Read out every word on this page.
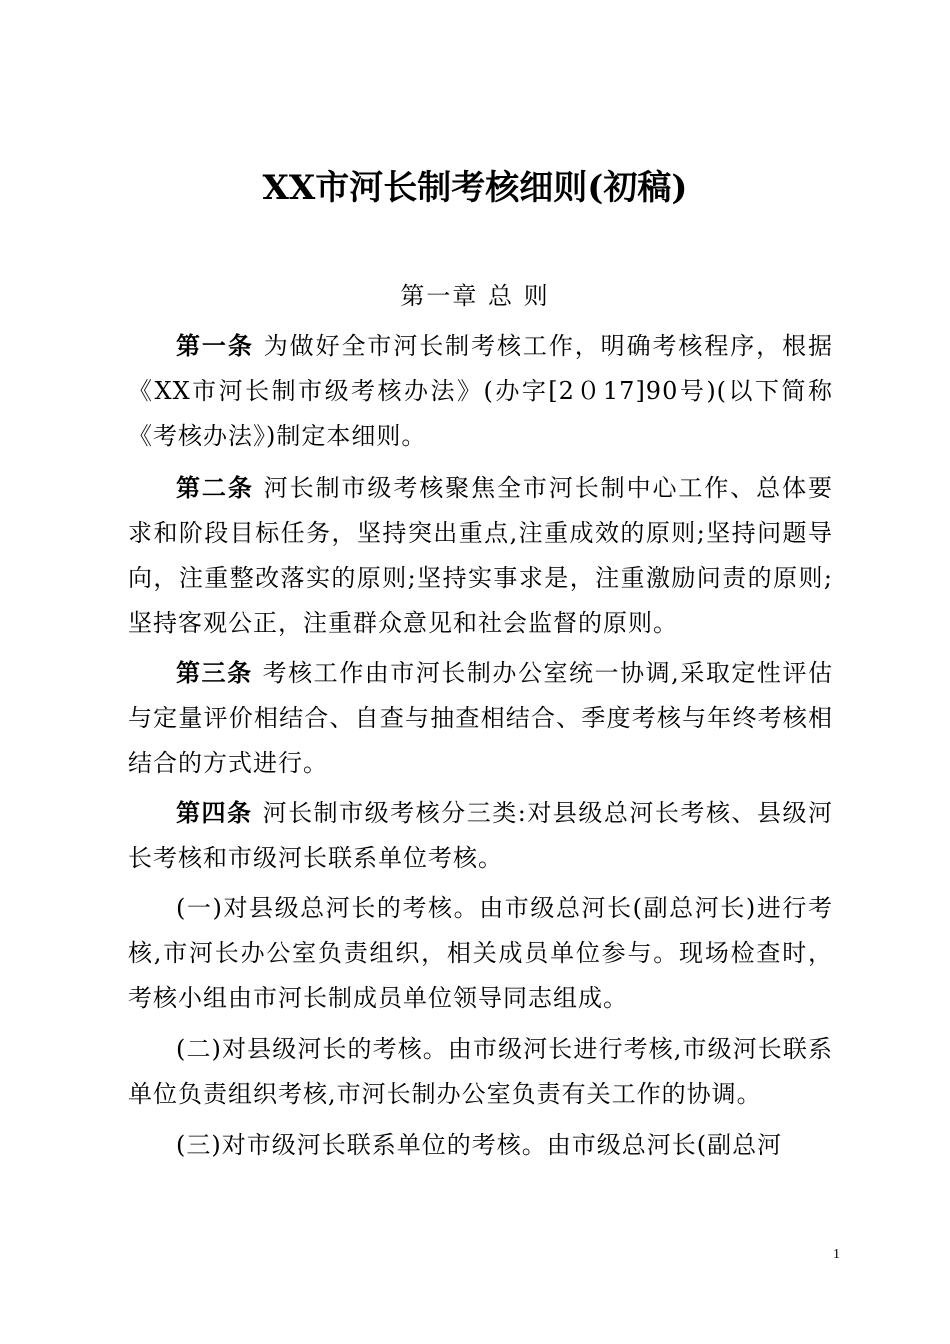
XX市河长制考核细则(初稿)
第一章 总 则

第一条 为做好全市河长制考核工作，明确考核程序，根据《XX市河长制市级考核办法》(办字[2０17]90号)(以下简称《考核办法》)制定本细则。

第二条 河长制市级考核聚焦全市河长制中心工作、总体要求和阶段目标任务，坚持突出重点,注重成效的原则;坚持问题导向，注重整改落实的原则;坚持实事求是，注重激励问责的原则;坚持客观公正，注重群众意见和社会监督的原则。

第三条 考核工作由市河长制办公室统一协调,采取定性评估与定量评价相结合、自查与抽查相结合、季度考核与年终考核相结合的方式进行。

第四条 河长制市级考核分三类:对县级总河长考核、县级河长考核和市级河长联系单位考核。

(一)对县级总河长的考核。由市级总河长(副总河长)进行考核,市河长办公室负责组织，相关成员单位参与。现场检查时，考核小组由市河长制成员单位领导同志组成。

(二)对县级河长的考核。由市级河长进行考核,市级河长联系单位负责组织考核,市河长制办公室负责有关工作的协调。

(三)对市级河长联系单位的考核。由市级总河长(副总河

1
